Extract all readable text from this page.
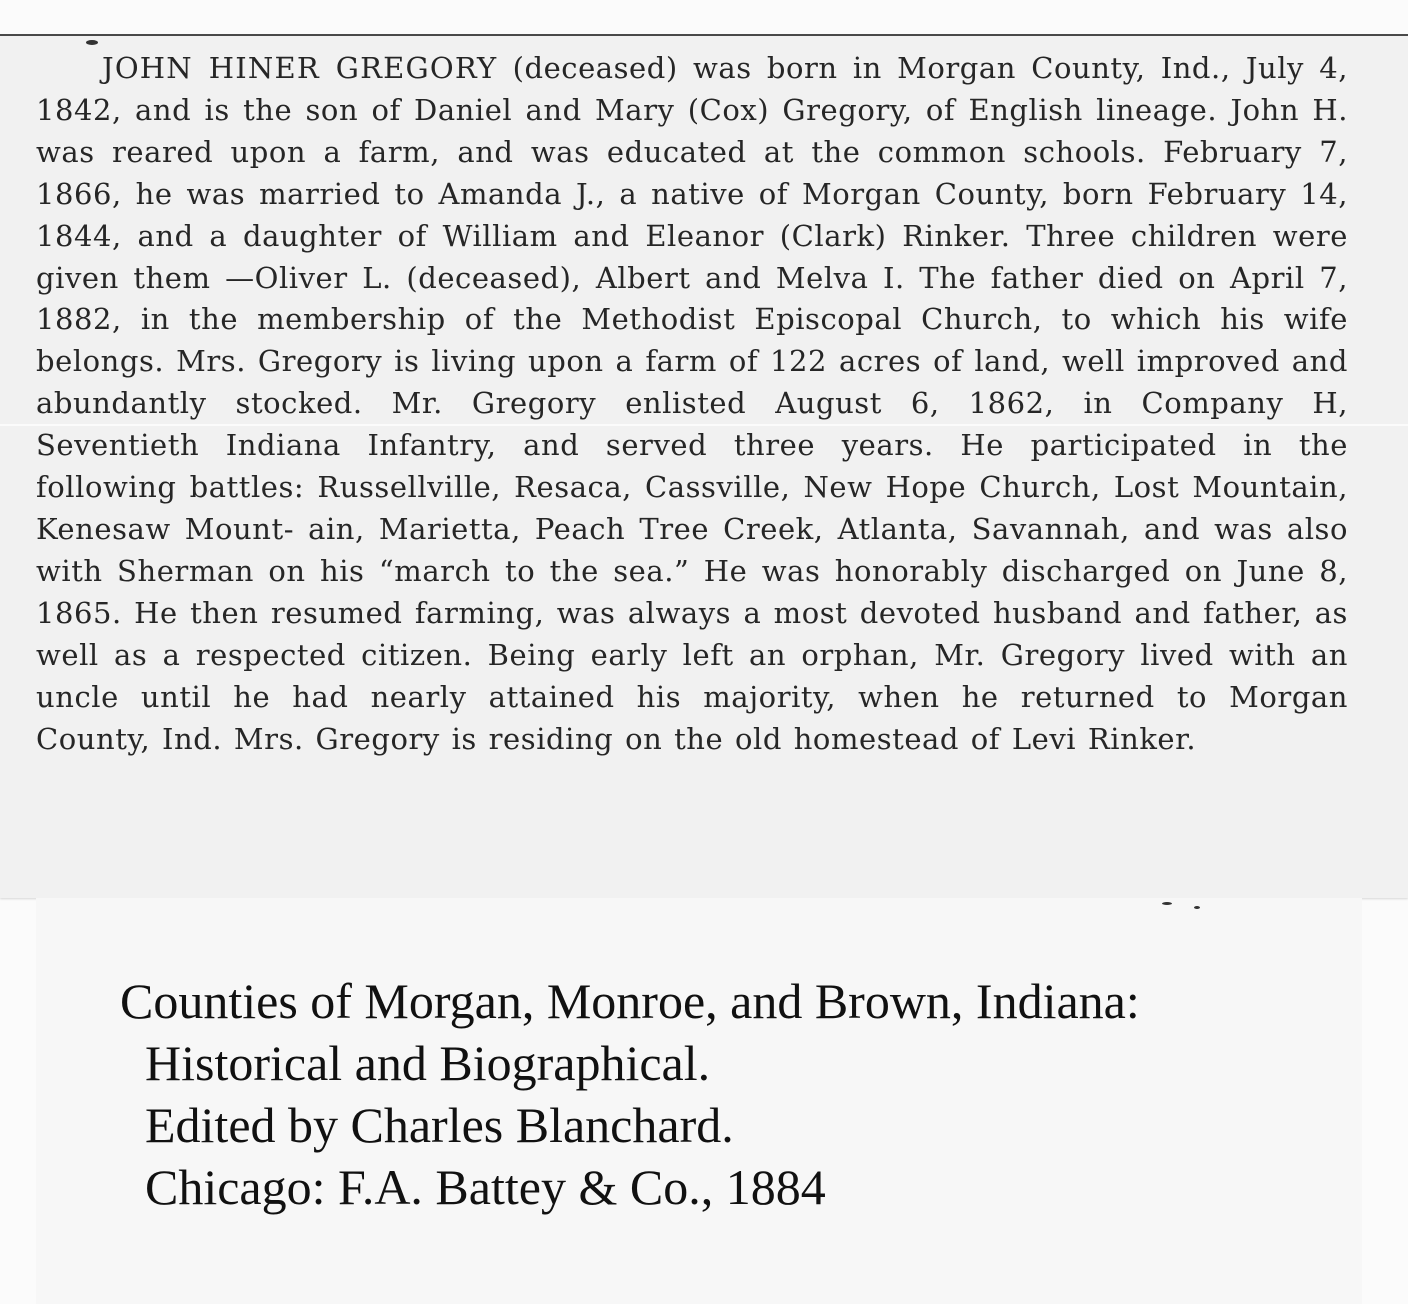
JOHN HINER GREGORY (deceased) was born in Morgan County, Ind., July 4, 1842, and is the son of Daniel and Mary (Cox) Gregory, of English lineage. John H. was reared upon a farm, and was educated at the common schools. February 7, 1866, he was married to Amanda J., a native of Morgan County, born February 14, 1844, and a daughter of William and Eleanor (Clark) Rinker. Three children were given them —Oliver L. (deceased), Albert and Melva I. The father died on April 7, 1882, in the membership of the Methodist Episcopal Church, to which his wife belongs. Mrs. Gregory is living upon a farm of 122 acres of land, well improved and abundantly stocked. Mr. Gregory enlisted August 6, 1862, in Company H, Seventieth Indiana Infantry, and served three years. He participated in the following battles: Russellville, Resaca, Cassville, New Hope Church, Lost Mountain, Kenesaw Mount- ain, Marietta, Peach Tree Creek, Atlanta, Savannah, and was also with Sherman on his “march to the sea.” He was honorably discharged on June 8, 1865. He then resumed farming, was always a most devoted husband and father, as well as a respected citizen. Being early left an orphan, Mr. Gregory lived with an uncle until he had nearly attained his majority, when he returned to Morgan County, Ind. Mrs. Gregory is residing on the old homestead of Levi Rinker.

Counties of Morgan, Monroe, and Brown, Indiana:
Historical and Biographical.
Edited by Charles Blanchard.
Chicago: F.A. Battey & Co., 1884
